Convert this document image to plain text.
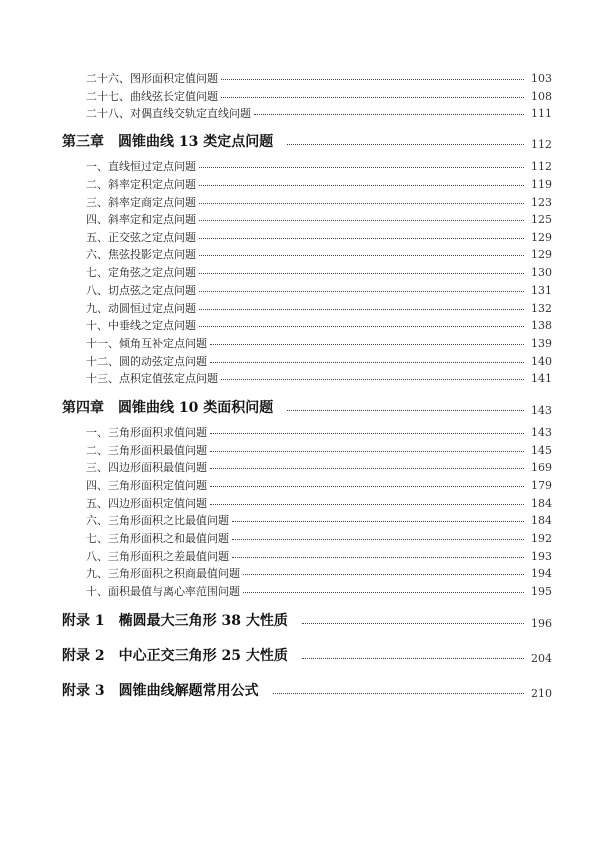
二十六、图形面积定值问题	103
二十七、曲线弦长定值问题	108
二十八、对偶直线交轨定直线问题	111
第三章　圆锥曲线 13 类定点问题	112
一、直线恒过定点问题	112
二、斜率定积定点问题	119
三、斜率定商定点问题	123
四、斜率定和定点问题	125
五、正交弦之定点问题	129
六、焦弦投影定点问题	129
七、定角弦之定点问题	130
八、切点弦之定点问题	131
九、动圆恒过定点问题	132
十、中垂线之定点问题	138
十一、倾角互补定点问题	139
十二、圆的动弦定点问题	140
十三、点积定值弦定点问题	141
第四章　圆锥曲线 10 类面积问题	143
一、三角形面积求值问题	143
二、三角形面积最值问题	145
三、四边形面积最值问题	169
四、三角形面积定值问题	179
五、四边形面积定值问题	184
六、三角形面积之比最值问题	184
七、三角形面积之和最值问题	192
八、三角形面积之差最值问题	193
九、三角形面积之积商最值问题	194
十、面积最值与离心率范围问题	195
附录 1　椭圆最大三角形 38 大性质	196
附录 2　中心正交三角形 25 大性质	204
附录 3　圆锥曲线解题常用公式	210
